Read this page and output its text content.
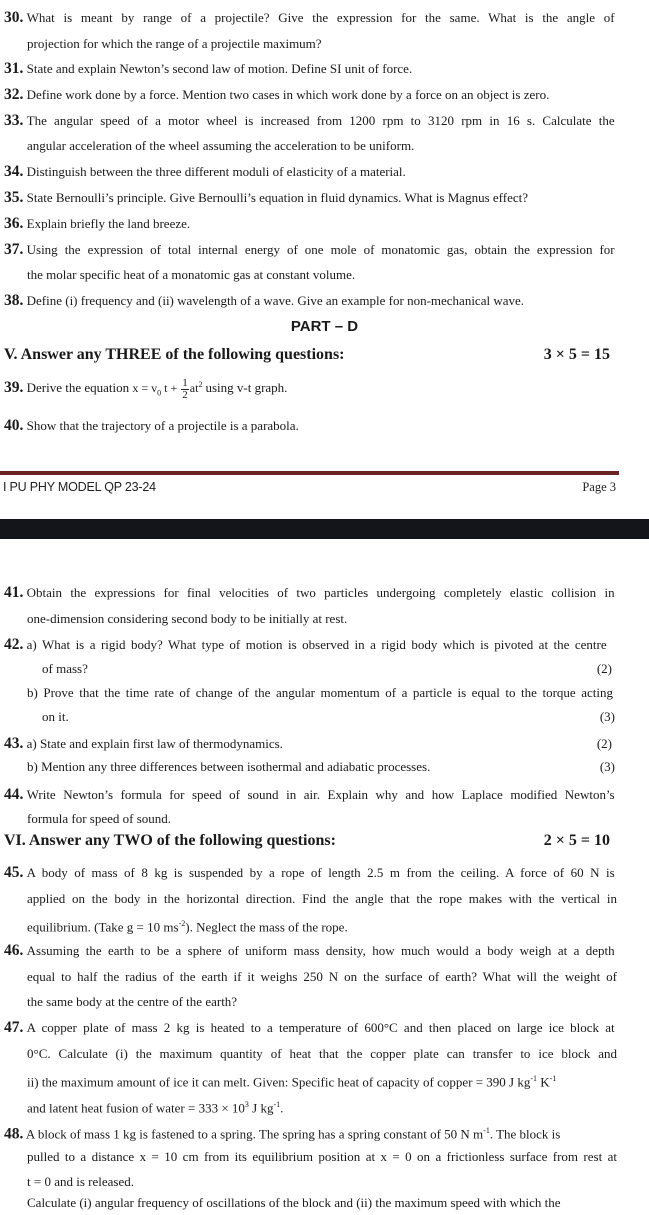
30. What is meant by range of a projectile? Give the expression for the same. What is the angle of
projection for which the range of a projectile maximum?
31. State and explain Newton’s second law of motion. Define SI unit of force.
32. Define work done by a force. Mention two cases in which work done by a force on an object is zero.
33. The angular speed of a motor wheel is increased from 1200 rpm to 3120 rpm in 16 s. Calculate the
angular acceleration of the wheel assuming the acceleration to be uniform.
34. Distinguish between the three different moduli of elasticity of a material.
35. State Bernoulli’s principle. Give Bernoulli’s equation in fluid dynamics. What is Magnus effect?
36. Explain briefly the land breeze.
37. Using the expression of total internal energy of one mole of monatomic gas, obtain the expression for
the molar specific heat of a monatomic gas at constant volume.
38. Define (i) frequency and (ii) wavelength of a wave. Give an example for non-mechanical wave.
PART – D
V. Answer any THREE of the following questions:	3 × 5 = 15
39. Derive the equation $x = v_0$ $t + \frac{1}{2} at^2$ using v-t graph.
40. Show that the trajectory of a projectile is a parabola.
I PU PHY MODEL QP 23-24	Page 3
41. Obtain the expressions for final velocities of two particles undergoing completely elastic collision in
one-dimension considering second body to be initially at rest.
42. a) What is a rigid body? What type of motion is observed in a rigid body which is pivoted at the centre
of mass?	(2)
b) Prove that the time rate of change of the angular momentum of a particle is equal to the torque acting
on it.	(3)
43. a) State and explain first law of thermodynamics.	(2)
b) Mention any three differences between isothermal and adiabatic processes.	(3)
44. Write Newton’s formula for speed of sound in air. Explain why and how Laplace modified Newton’s
formula for speed of sound.
VI. Answer any TWO of the following questions:	2 × 5 = 10
45. A body of mass of 8 kg is suspended by a rope of length 2.5 m from the ceiling. A force of 60 N is
applied on the body in the horizontal direction. Find the angle that the rope makes with the vertical in
equilibrium. (Take g = 10 $ms^{-2}$). Neglect the mass of the rope.
46. Assuming the earth to be a sphere of uniform mass density, how much would a body weigh at a depth
equal to half the radius of the earth if it weighs 250 N on the surface of earth? What will the weight of
the same body at the centre of the earth?
47. A copper plate of mass 2 kg is heated to a temperature of 600°C and then placed on large ice block at
0°C. Calculate (i) the maximum quantity of heat that the copper plate can transfer to ice block and
ii) the maximum amount of ice it can melt. Given: Specific heat of capacity of copper = 390 J $kg^{-1}$ $K^{-1}$
and latent heat fusion of water = $333 \times 10^3$ J $kg^{-1}$.
48. A block of mass 1 kg is fastened to a spring. The spring has a spring constant of 50 N $m^{-1}$. The block is
pulled to a distance x = 10 cm from its equilibrium position at x = 0 on a frictionless surface from rest at
t = 0 and is released.
Calculate (i) angular frequency of oscillations of the block and (ii) the maximum speed with which the
